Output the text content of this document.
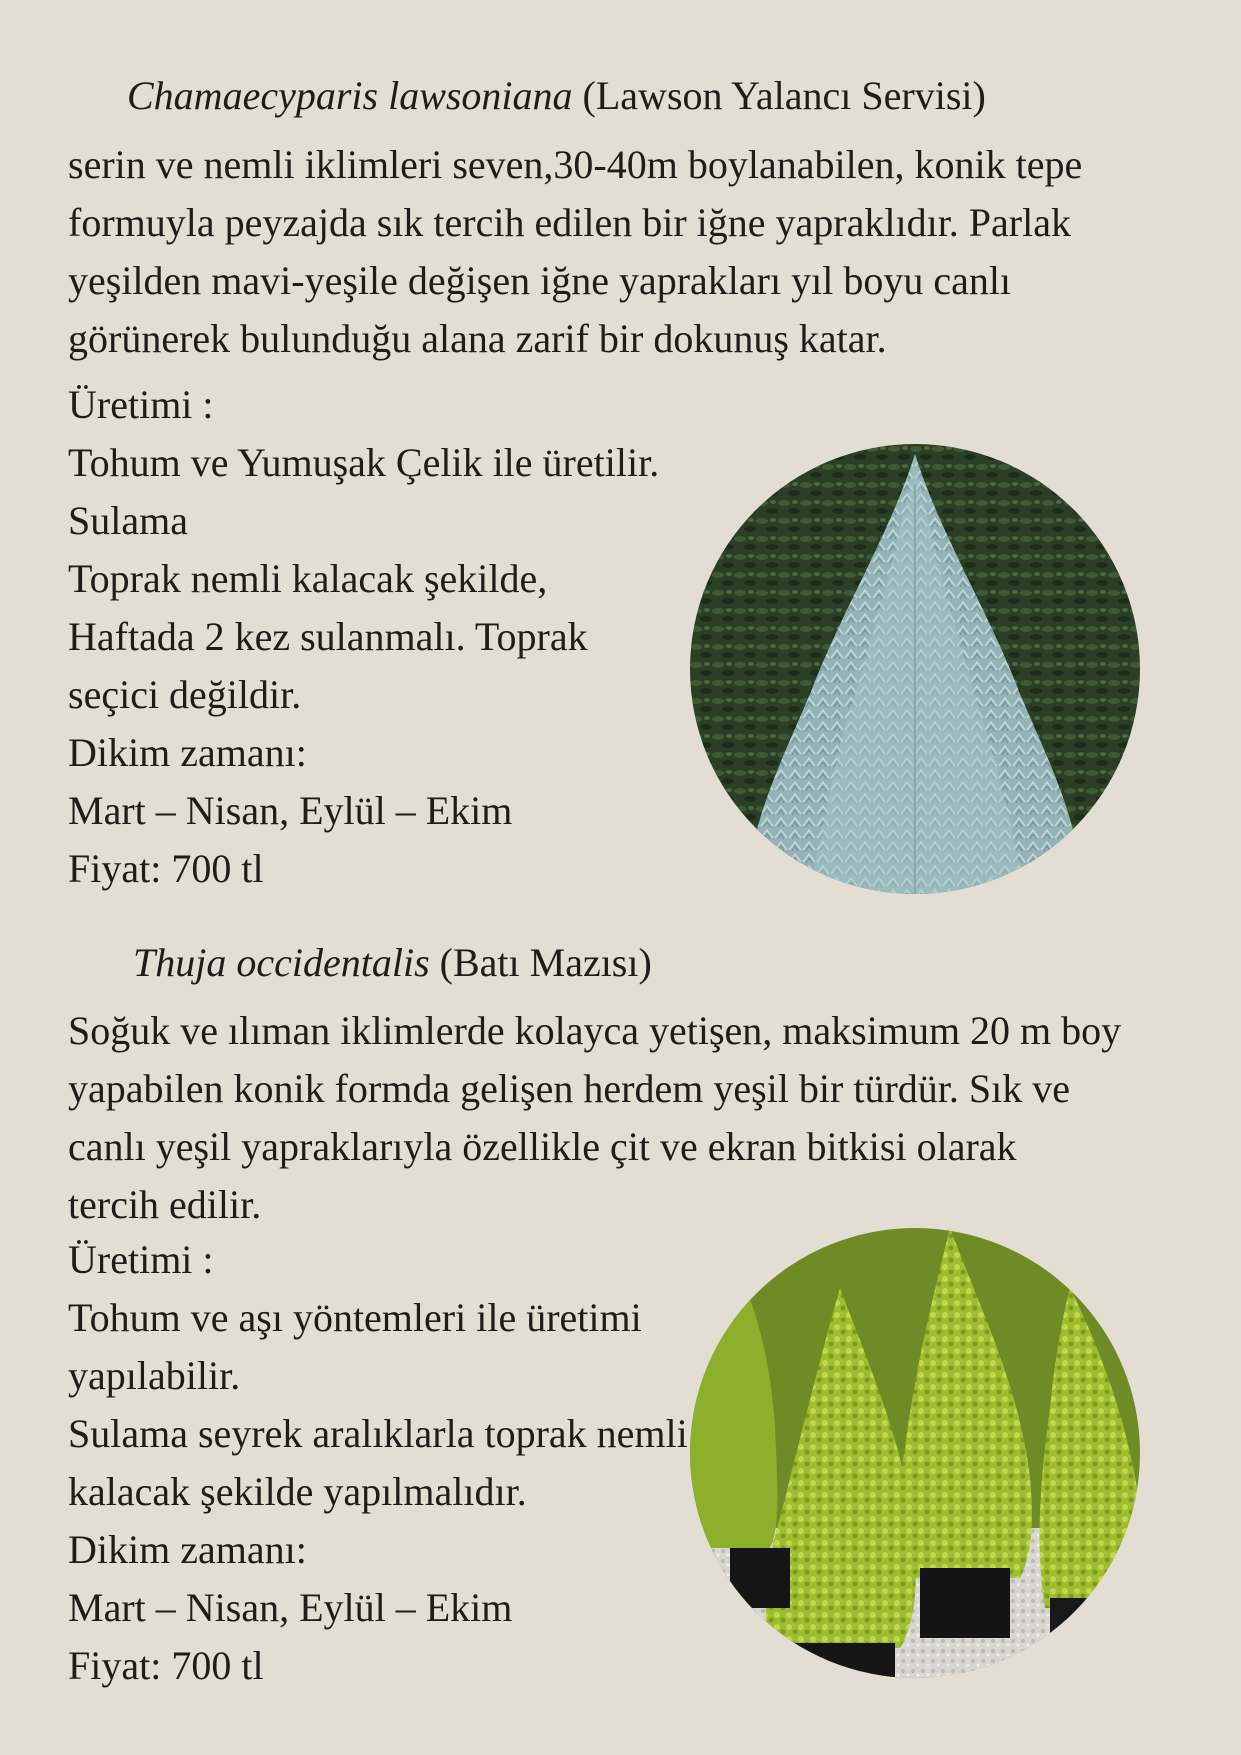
Chamaecyparis lawsoniana (Lawson Yalancı Servisi)
serin ve nemli iklimleri seven,30-40m boylanabilen, konik tepe
formuyla peyzajda sık tercih edilen bir iğne yapraklıdır. Parlak
yeşilden mavi-yeşile değişen iğne yaprakları yıl boyu canlı
görünerek bulunduğu alana zarif bir dokunuş katar.
Üretimi :
Tohum ve Yumuşak Çelik ile üretilir.
Sulama
Toprak nemli kalacak şekilde,
Haftada 2 kez sulanmalı. Toprak
seçici değildir.
Dikim zamanı:
Mart – Nisan, Eylül – Ekim
Fiyat: 700 tl
Thuja occidentalis (Batı Mazısı)
Soğuk ve ılıman iklimlerde kolayca yetişen, maksimum 20 m boy
yapabilen konik formda gelişen herdem yeşil bir türdür. Sık ve
canlı yeşil yapraklarıyla özellikle çit ve ekran bitkisi olarak
tercih edilir.
Üretimi :
Tohum ve aşı yöntemleri ile üretimi
yapılabilir.
Sulama seyrek aralıklarla toprak nemli
kalacak şekilde yapılmalıdır.
Dikim zamanı:
Mart – Nisan, Eylül – Ekim
Fiyat: 700 tl
